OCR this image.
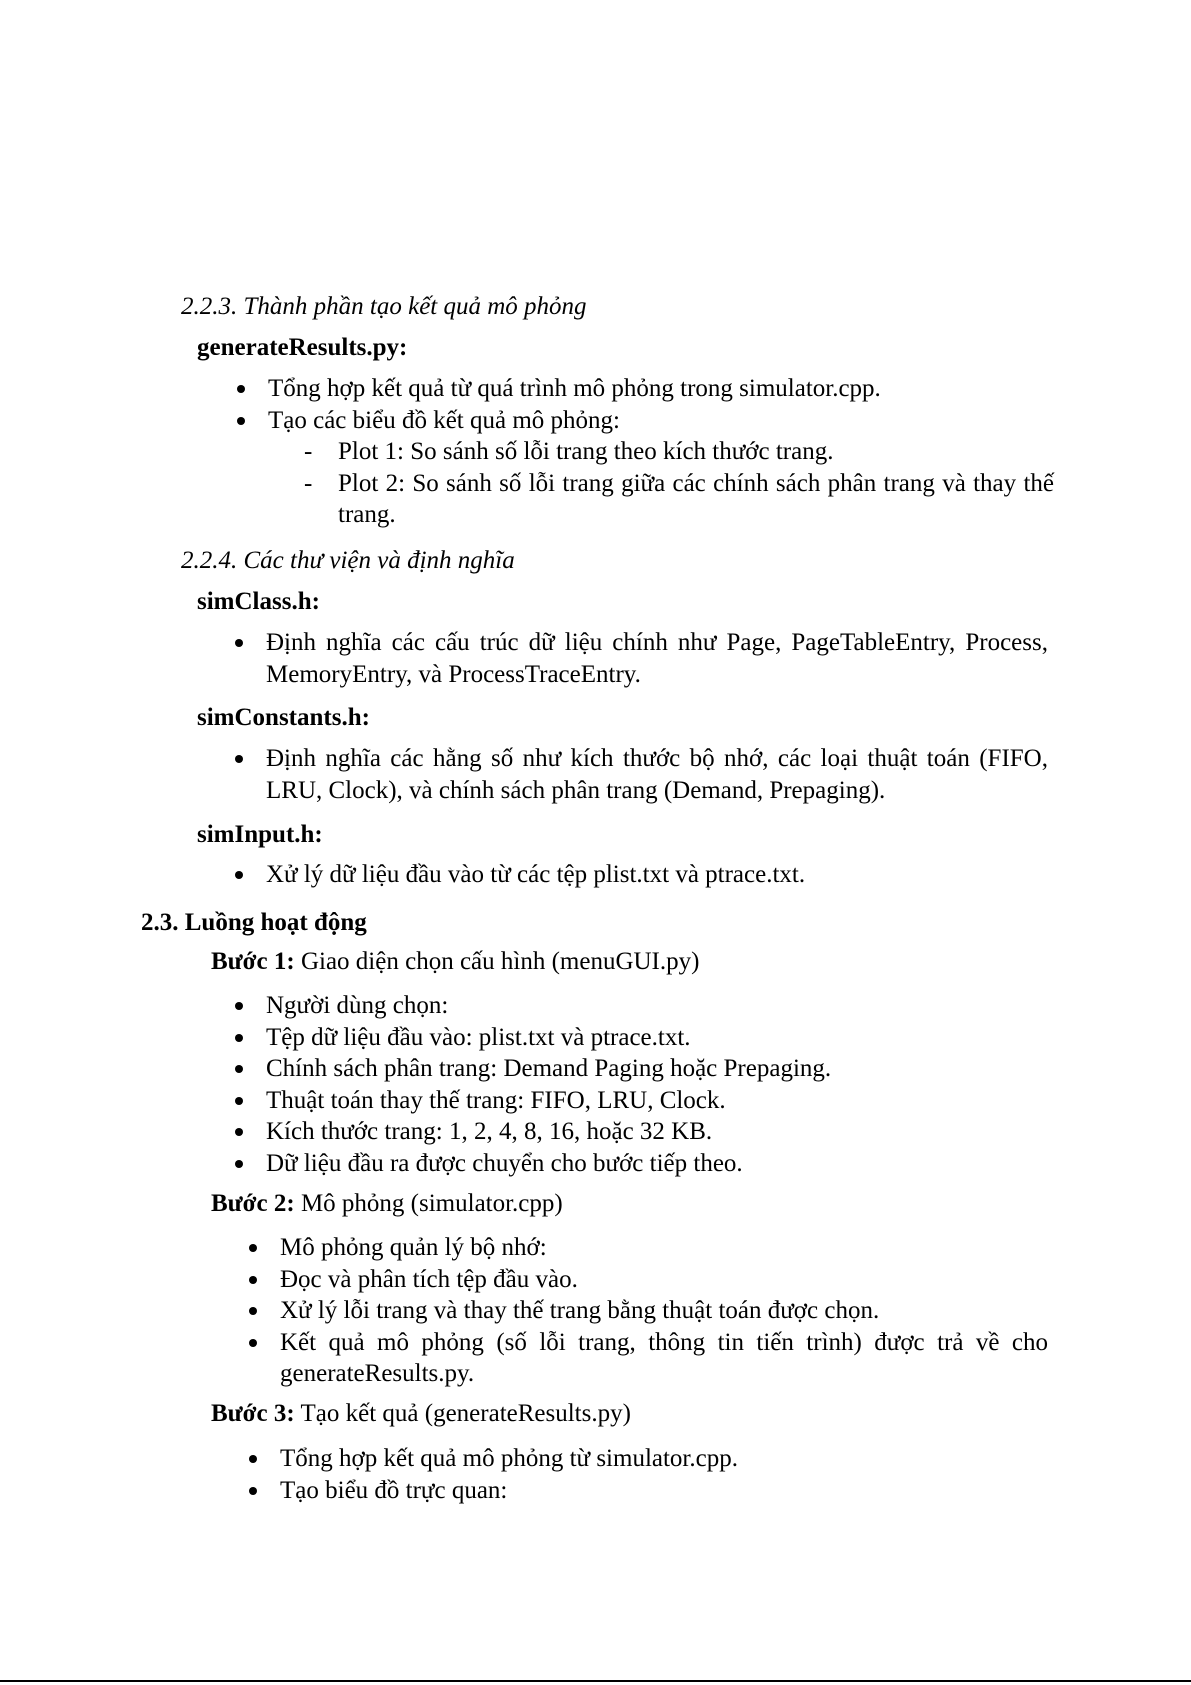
2.2.3. Thành phần tạo kết quả mô phỏng
generateResults.py:
Tổng hợp kết quả từ quá trình mô phỏng trong simulator.cpp.
Tạo các biểu đồ kết quả mô phỏng:
- Plot 1: So sánh số lỗi trang theo kích thước trang.
- Plot 2: So sánh số lỗi trang giữa các chính sách phân trang và thay thế trang.
2.2.4. Các thư viện và định nghĩa
simClass.h:
Định nghĩa các cấu trúc dữ liệu chính như Page, PageTableEntry, Process, MemoryEntry, và ProcessTraceEntry.
simConstants.h:
Định nghĩa các hằng số như kích thước bộ nhớ, các loại thuật toán (FIFO, LRU, Clock), và chính sách phân trang (Demand, Prepaging).
simInput.h:
Xử lý dữ liệu đầu vào từ các tệp plist.txt và ptrace.txt.
2.3. Luồng hoạt động
Bước 1: Giao diện chọn cấu hình (menuGUI.py)
Người dùng chọn:
Tệp dữ liệu đầu vào: plist.txt và ptrace.txt.
Chính sách phân trang: Demand Paging hoặc Prepaging.
Thuật toán thay thế trang: FIFO, LRU, Clock.
Kích thước trang: 1, 2, 4, 8, 16, hoặc 32 KB.
Dữ liệu đầu ra được chuyển cho bước tiếp theo.
Bước 2: Mô phỏng (simulator.cpp)
Mô phỏng quản lý bộ nhớ:
Đọc và phân tích tệp đầu vào.
Xử lý lỗi trang và thay thế trang bằng thuật toán được chọn.
Kết quả mô phỏng (số lỗi trang, thông tin tiến trình) được trả về cho generateResults.py.
Bước 3: Tạo kết quả (generateResults.py)
Tổng hợp kết quả mô phỏng từ simulator.cpp.
Tạo biểu đồ trực quan:
